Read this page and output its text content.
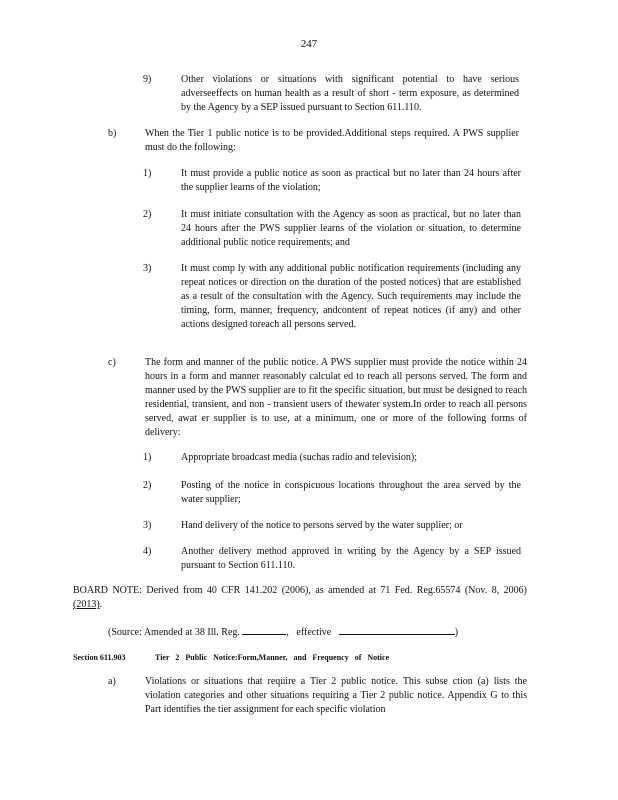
247

9)	Other violations or situations with significant potential to have serious adverseeffects on human health as a result of short - term exposure, as determined by the Agency by a SEP issued pursuant to Section 611.110.

b)	When the Tier 1 public notice is to be provided.Additional steps required. A PWS supplier must do the following:

1)	It must provide a public notice as soon as practical but no later than 24 hours after the supplier learns of the violation;

2)	It must initiate consultation with the Agency as soon as practical, but no later than 24 hours after the PWS supplier learns of the violation or situation, to determine additional public notice requirements; and

3)	It must comp ly with any additional public notification requirements (including any repeat notices or direction on the duration of the posted notices) that are established as a result of the consultation with the Agency. Such requirements may include the timing, form, manner, frequency, andcontent of repeat notices (if any) and other actions designed toreach all persons served.

c)	The form and manner of the public notice. A PWS supplier must provide the notice within 24 hours in a form and manner reasonably calculat ed to reach all persons served. The form and manner used by the PWS supplier are to fit the specific situation, but must be designed to reach residential, transient, and non - transient users of thewater system.In order to reach all persons served, awat er supplier is to use, at a minimum, one or more of the following forms of delivery:

1)	Appropriate broadcast media (suchas radio and television);

2)	Posting of the notice in conspicuous locations throughout the area served by the water supplier;

3)	Hand delivery of the notice to persons served by the water supplier; or

4)	Another delivery method approved in writing by the Agency by a SEP issued pursuant to Section 611.110.

BOARD NOTE: Derived from 40 CFR 141.202 (2006), as amended at 71 Fed. Reg.65574 (Nov. 8, 2006) (2013).

(Source: Amended at 38 Ill. Reg.	, effective	)

Section 611.903	Tier 2 Public Notice:Form,Manner, and Frequency of Notice

a)	Violations or situations that require a Tier 2 public notice. This subse ction (a) lists the violation categories and other situations requiring a Tier 2 public notice. Appendix G to this Part identifies the tier assignment for each specific violation
